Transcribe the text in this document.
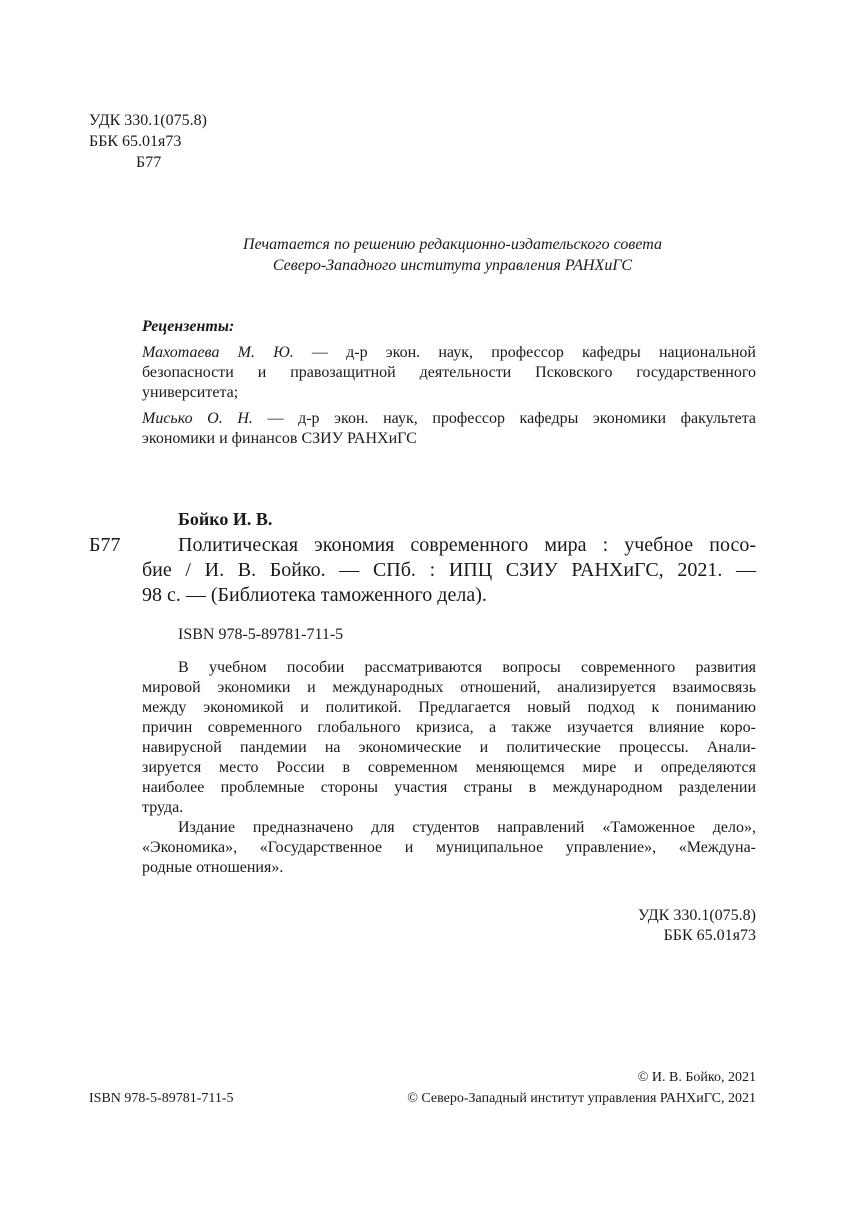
УДК 330.1(075.8)
ББК 65.01я73
Б77
Печатается по решению редакционно-издательского совета
Северо-Западного института управления РАНХиГС
Рецензенты:
Махотаева М. Ю. — д-р экон. наук, профессор кафедры национальной
безопасности и правозащитной деятельности Псковского государственного
университета;
Мисько О. Н. — д-р экон. наук, профессор кафедры экономики факультета
экономики и финансов СЗИУ РАНХиГС
Бойко И. В.
Б77	Политическая экономия современного мира : учебное посо-
бие / И. В. Бойко. — СПб. : ИПЦ СЗИУ РАНХиГС, 2021. —
98 с. — (Библиотека таможенного дела).
ISBN 978-5-89781-711-5
В учебном пособии рассматриваются вопросы современного развития
мировой экономики и международных отношений, анализируется взаимосвязь
между экономикой и политикой. Предлагается новый подход к пониманию
причин современного глобального кризиса, а также изучается влияние коро-
навирусной пандемии на экономические и политические процессы. Анали-
зируется место России в современном меняющемся мире и определяются
наиболее проблемные стороны участия страны в международном разделении
труда.
Издание предназначено для студентов направлений «Таможенное дело»,
«Экономика», «Государственное и муниципальное управление», «Междуна-
родные отношения».
УДК 330.1(075.8)
ББК 65.01я73
© И. В. Бойко, 2021
ISBN 978-5-89781-711-5	© Северо-Западный институт управления РАНХиГС, 2021
